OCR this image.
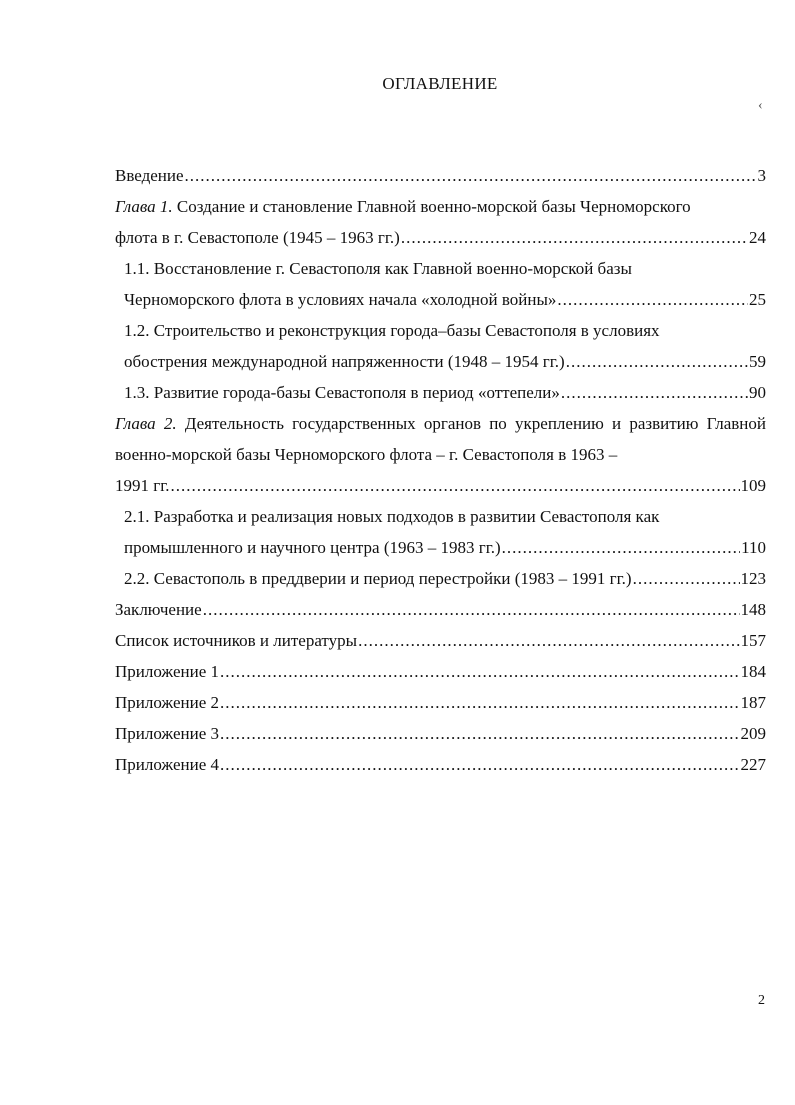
ОГЛАВЛЕНИЕ
‹
Введение .....	3
Глава 1. Создание и становление Главной военно-морской базы Черноморского
флота в г. Севастополе (1945 – 1963 гг.) .....	24
1.1. Восстановление г. Севастополя как Главной военно-морской базы
Черноморского флота в условиях начала «холодной войны» .....	25
1.2. Строительство и реконструкция города–базы Севастополя в условиях
обострения международной напряженности (1948 – 1954 гг.) .....	59
1.3. Развитие города-базы Севастополя в период «оттепели» .....	90
Глава 2. Деятельность государственных органов по укреплению и развитию Главной военно-морской базы Черноморского флота – г. Севастополя в 1963 –
1991 гг. .....	109
2.1. Разработка и реализация новых подходов в развитии Севастополя как
промышленного и научного центра (1963 – 1983 гг.) .....	110
2.2. Севастополь в преддверии и период перестройки (1983 – 1991 гг.) .....	123
Заключение .....	148
Список источников и литературы .....	157
Приложение 1 .....	184
Приложение 2 .....	187
Приложение 3 .....	209
Приложение 4 .....	227
2
